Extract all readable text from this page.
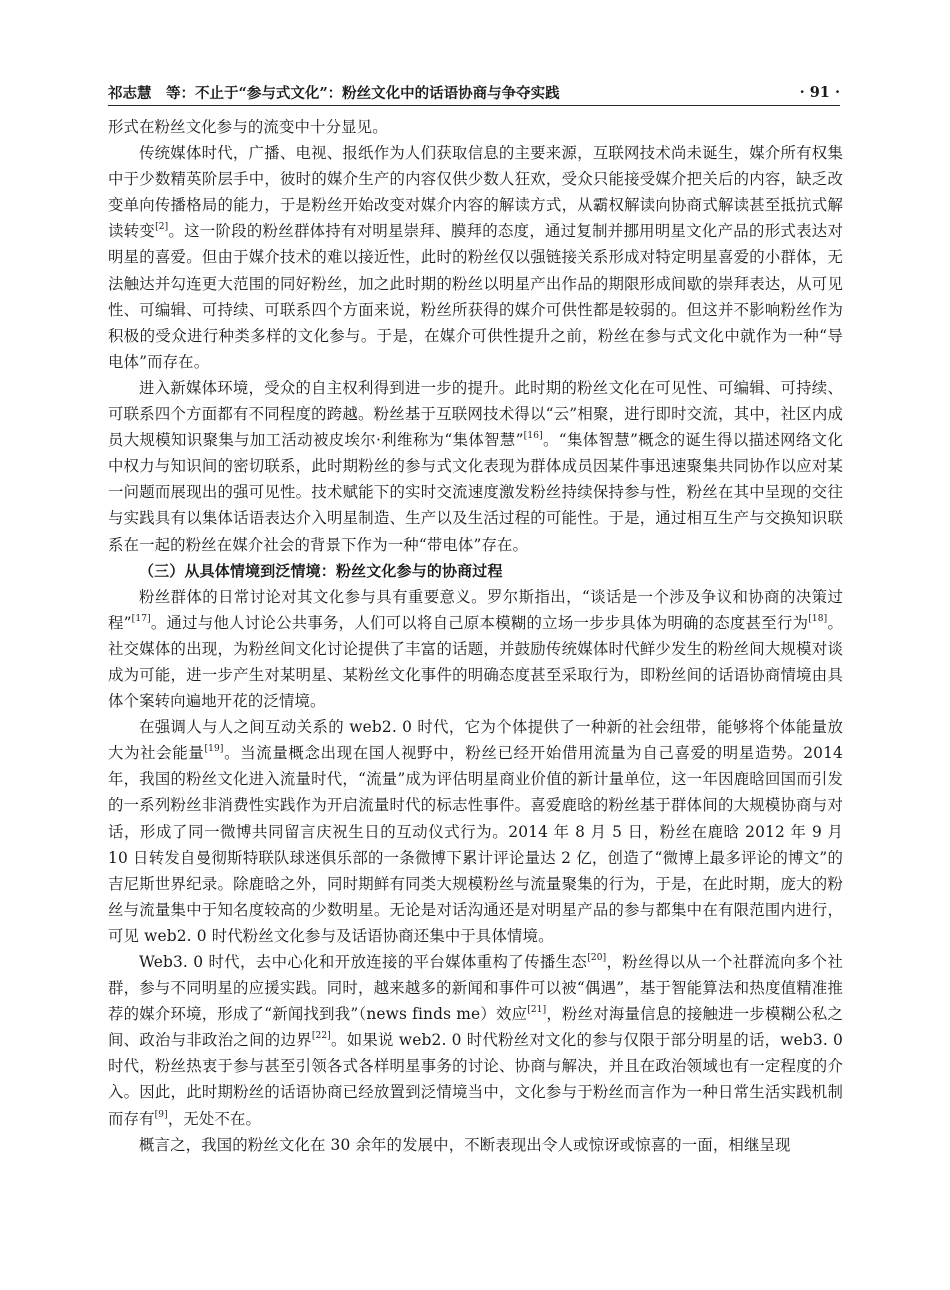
祁志慧　等：不止于“参与式文化”：粉丝文化中的话语协商与争夺实践	· 91 ·

形式在粉丝文化参与的流变中十分显见。

传统媒体时代，广播、电视、报纸作为人们获取信息的主要来源，互联网技术尚未诞生，媒介所有权集中于少数精英阶层手中，彼时的媒介生产的内容仅供少数人狂欢，受众只能接受媒介把关后的内容，缺乏改变单向传播格局的能力，于是粉丝开始改变对媒介内容的解读方式，从霸权解读向协商式解读甚至抵抗式解读转变[2]。这一阶段的粉丝群体持有对明星崇拜、膜拜的态度，通过复制并挪用明星文化产品的形式表达对明星的喜爱。但由于媒介技术的难以接近性，此时的粉丝仅以强链接关系形成对特定明星喜爱的小群体，无法触达并勾连更大范围的同好粉丝，加之此时期的粉丝以明星产出作品的期限形成间歇的崇拜表达，从可见性、可编辑、可持续、可联系四个方面来说，粉丝所获得的媒介可供性都是较弱的。但这并不影响粉丝作为积极的受众进行种类多样的文化参与。于是，在媒介可供性提升之前，粉丝在参与式文化中就作为一种“导电体”而存在。

进入新媒体环境，受众的自主权利得到进一步的提升。此时期的粉丝文化在可见性、可编辑、可持续、可联系四个方面都有不同程度的跨越。粉丝基于互联网技术得以“云”相聚，进行即时交流，其中，社区内成员大规模知识聚集与加工活动被皮埃尔·利维称为“集体智慧”[16]。“集体智慧”概念的诞生得以描述网络文化中权力与知识间的密切联系，此时期粉丝的参与式文化表现为群体成员因某件事迅速聚集共同协作以应对某一问题而展现出的强可见性。技术赋能下的实时交流速度激发粉丝持续保持参与性，粉丝在其中呈现的交往与实践具有以集体话语表达介入明星制造、生产以及生活过程的可能性。于是，通过相互生产与交换知识联系在一起的粉丝在媒介社会的背景下作为一种“带电体”存在。

（三）从具体情境到泛情境：粉丝文化参与的协商过程

粉丝群体的日常讨论对其文化参与具有重要意义。罗尔斯指出，“谈话是一个涉及争议和协商的决策过程”[17]。通过与他人讨论公共事务，人们可以将自己原本模糊的立场一步步具体为明确的态度甚至行为[18]。社交媒体的出现，为粉丝间文化讨论提供了丰富的话题，并鼓励传统媒体时代鲜少发生的粉丝间大规模对谈成为可能，进一步产生对某明星、某粉丝文化事件的明确态度甚至采取行为，即粉丝间的话语协商情境由具体个案转向遍地开花的泛情境。

在强调人与人之间互动关系的 web2. 0 时代，它为个体提供了一种新的社会纽带，能够将个体能量放大为社会能量[19]。当流量概念出现在国人视野中，粉丝已经开始借用流量为自己喜爱的明星造势。2014 年，我国的粉丝文化进入流量时代，“流量”成为评估明星商业价值的新计量单位，这一年因鹿晗回国而引发的一系列粉丝非消费性实践作为开启流量时代的标志性事件。喜爱鹿晗的粉丝基于群体间的大规模协商与对话，形成了同一微博共同留言庆祝生日的互动仪式行为。2014 年 8 月 5 日，粉丝在鹿晗 2012 年 9 月 10 日转发自曼彻斯特联队球迷俱乐部的一条微博下累计评论量达 2 亿，创造了“微博上最多评论的博文”的吉尼斯世界纪录。除鹿晗之外，同时期鲜有同类大规模粉丝与流量聚集的行为，于是，在此时期，庞大的粉丝与流量集中于知名度较高的少数明星。无论是对话沟通还是对明星产品的参与都集中在有限范围内进行，可见 web2. 0 时代粉丝文化参与及话语协商还集中于具体情境。

Web3. 0 时代，去中心化和开放连接的平台媒体重构了传播生态[20]，粉丝得以从一个社群流向多个社群，参与不同明星的应援实践。同时，越来越多的新闻和事件可以被“偶遇”，基于智能算法和热度值精准推荐的媒介环境，形成了“新闻找到我”（news finds me）效应[21]，粉丝对海量信息的接触进一步模糊公私之间、政治与非政治之间的边界[22]。如果说 web2. 0 时代粉丝对文化的参与仅限于部分明星的话，web3. 0 时代，粉丝热衷于参与甚至引领各式各样明星事务的讨论、协商与解决，并且在政治领域也有一定程度的介入。因此，此时期粉丝的话语协商已经放置到泛情境当中，文化参与于粉丝而言作为一种日常生活实践机制而存有[9]，无处不在。

概言之，我国的粉丝文化在 30 余年的发展中，不断表现出令人或惊讶或惊喜的一面，相继呈现
